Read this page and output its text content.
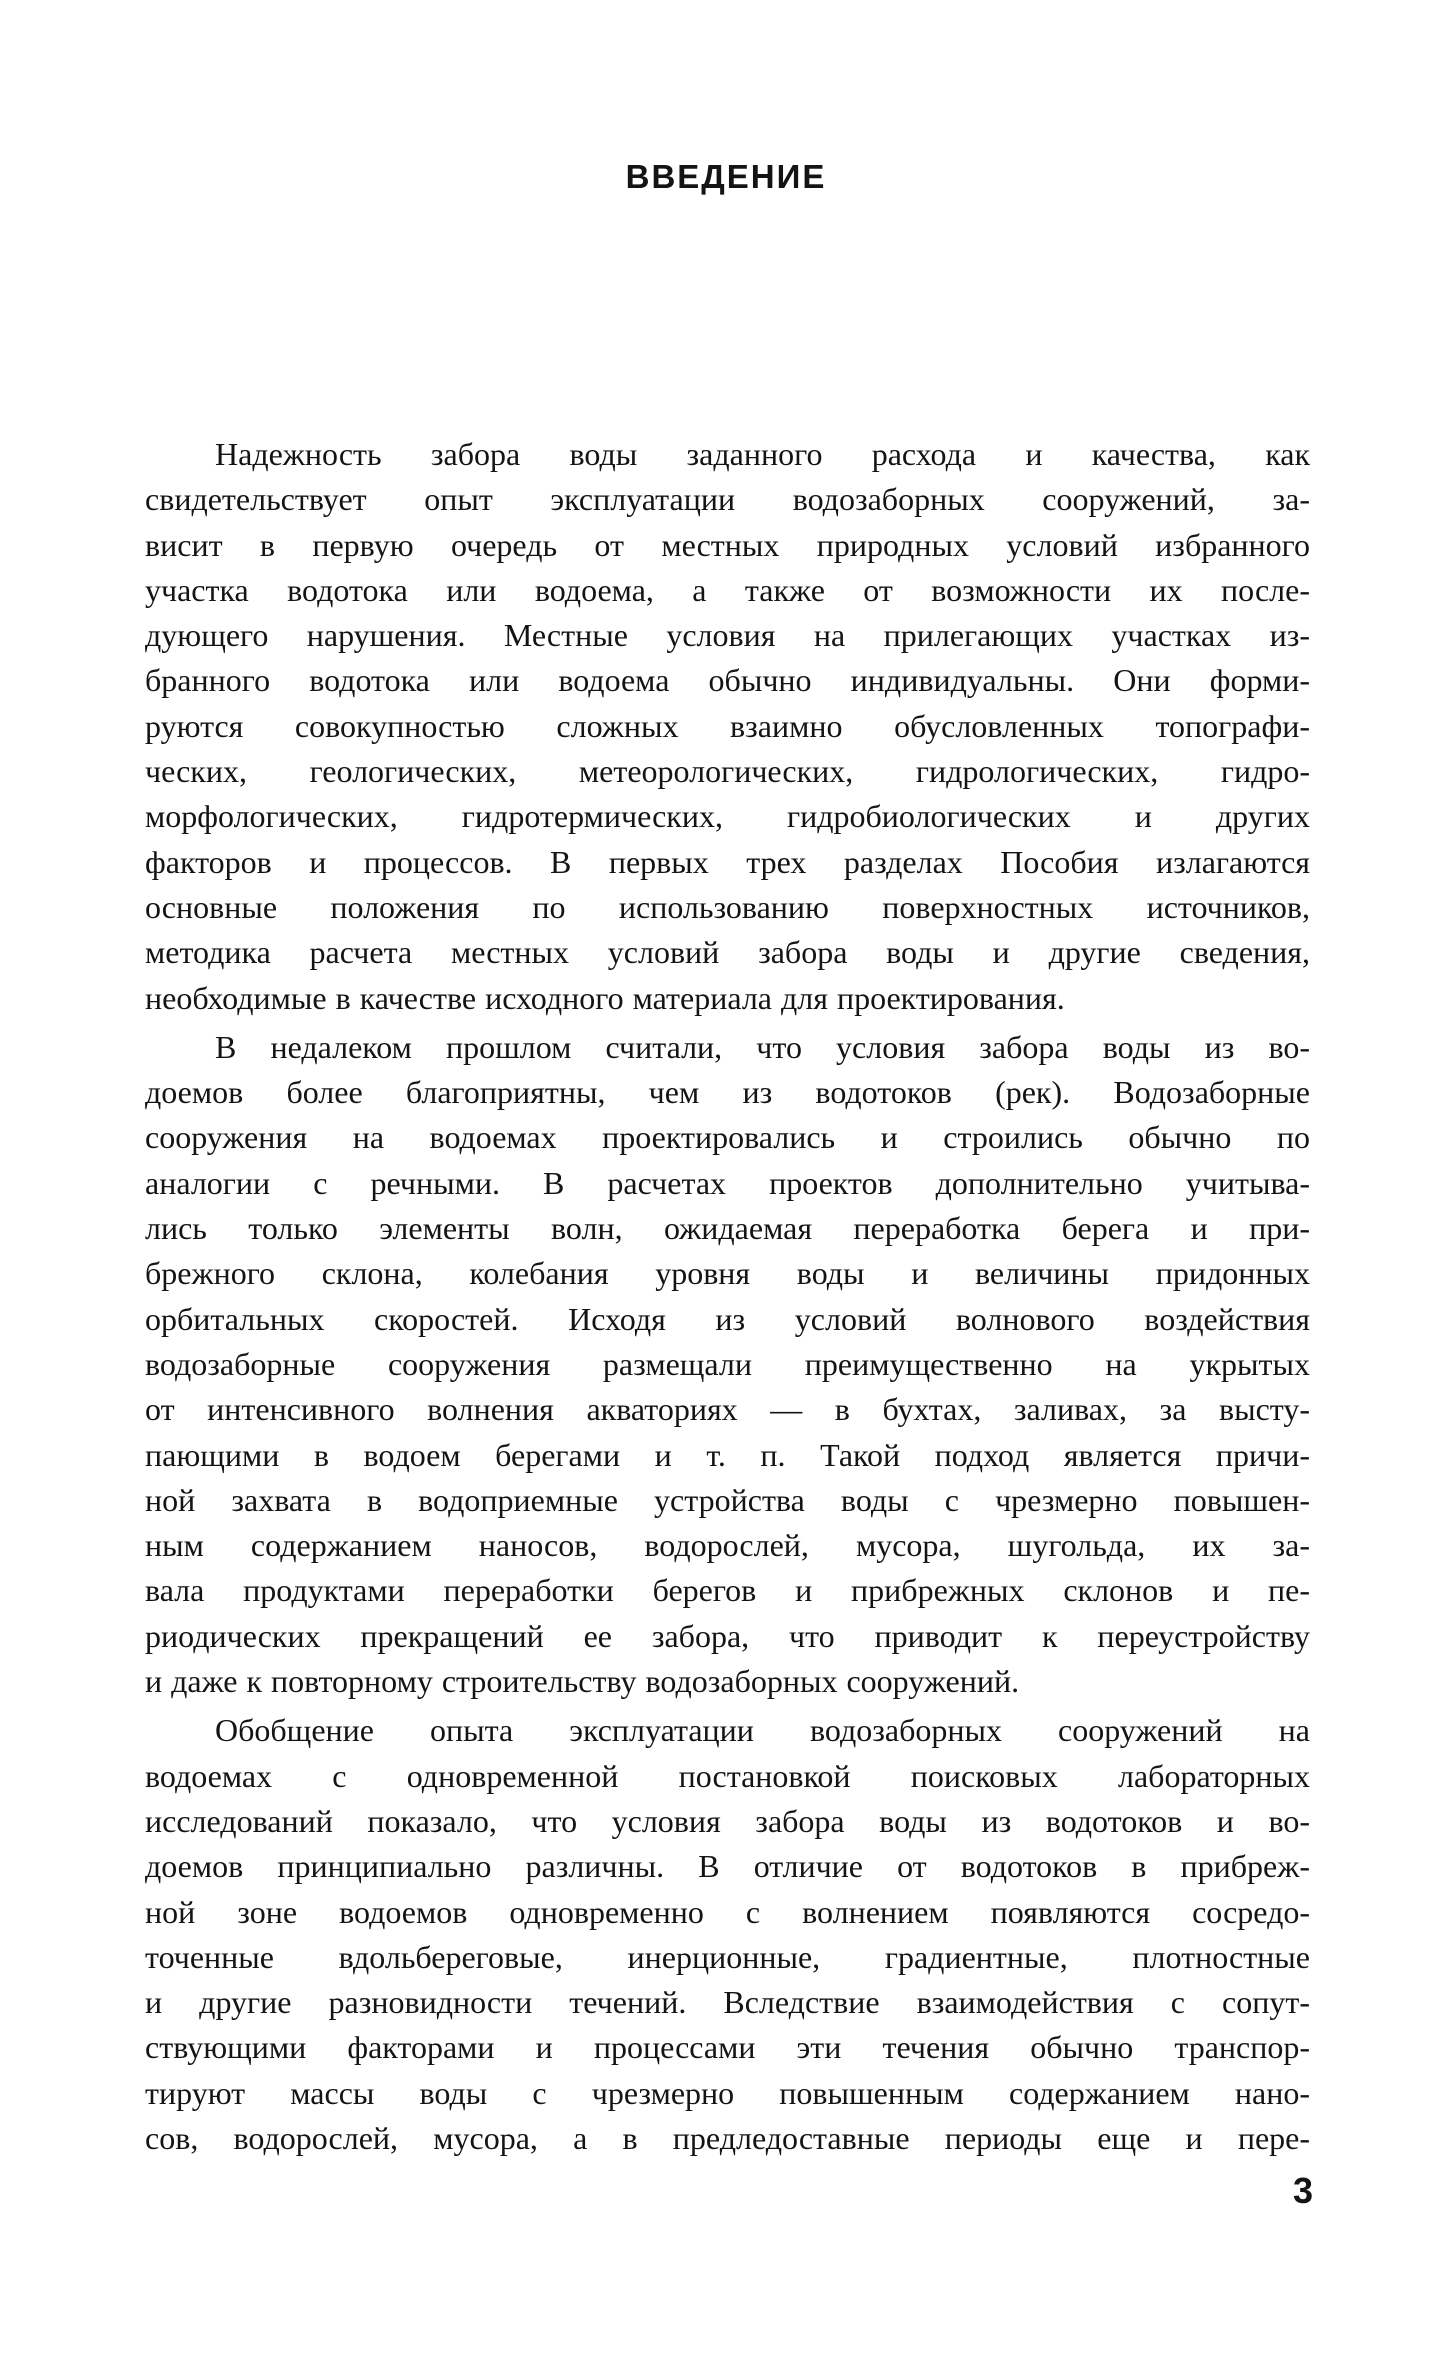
ВВЕДЕНИЕ

Надежность забора воды заданного расхода и качества, как
свидетельствует опыт эксплуатации водозаборных сооружений, за-
висит в первую очередь от местных природных условий избранного
участка водотока или водоема, а также от возможности их после-
дующего нарушения. Местные условия на прилегающих участках из-
бранного водотока или водоема обычно индивидуальны. Они форми-
руются совокупностью сложных взаимно обусловленных топографи-
ческих, геологических, метеорологических, гидрологических, гидро-
морфологических, гидротермических, гидробиологических и других
факторов и процессов. В первых трех разделах Пособия излагаются
основные положения по использованию поверхностных источников,
методика расчета местных условий забора воды и другие сведения,
необходимые в качестве исходного материала для проектирования.

В недалеком прошлом считали, что условия забора воды из во-
доемов более благоприятны, чем из водотоков (рек). Водозаборные
сооружения на водоемах проектировались и строились обычно по
аналогии с речными. В расчетах проектов дополнительно учитыва-
лись только элементы волн, ожидаемая переработка берега и при-
брежного склона, колебания уровня воды и величины придонных
орбитальных скоростей. Исходя из условий волнового воздействия
водозаборные сооружения размещали преимущественно на укрытых
от интенсивного волнения акваториях — в бухтах, заливах, за высту-
пающими в водоем берегами и т. п. Такой подход является причи-
ной захвата в водоприемные устройства воды с чрезмерно повышен-
ным содержанием наносов, водорослей, мусора, шугольда, их за-
вала продуктами переработки берегов и прибрежных склонов и пе-
риодических прекращений ее забора, что приводит к переустройству
и даже к повторному строительству водозаборных сооружений.

Обобщение опыта эксплуатации водозаборных сооружений на
водоемах с одновременной постановкой поисковых лабораторных
исследований показало, что условия забора воды из водотоков и во-
доемов принципиально различны. В отличие от водотоков в прибреж-
ной зоне водоемов одновременно с волнением появляются сосредо-
точенные вдольбереговые, инерционные, градиентные, плотностные
и другие разновидности течений. Вследствие взаимодействия с сопут-
ствующими факторами и процессами эти течения обычно транспор-
тируют массы воды с чрезмерно повышенным содержанием нано-
сов, водорослей, мусора, а в предледоставные периоды еще и пере-

3
